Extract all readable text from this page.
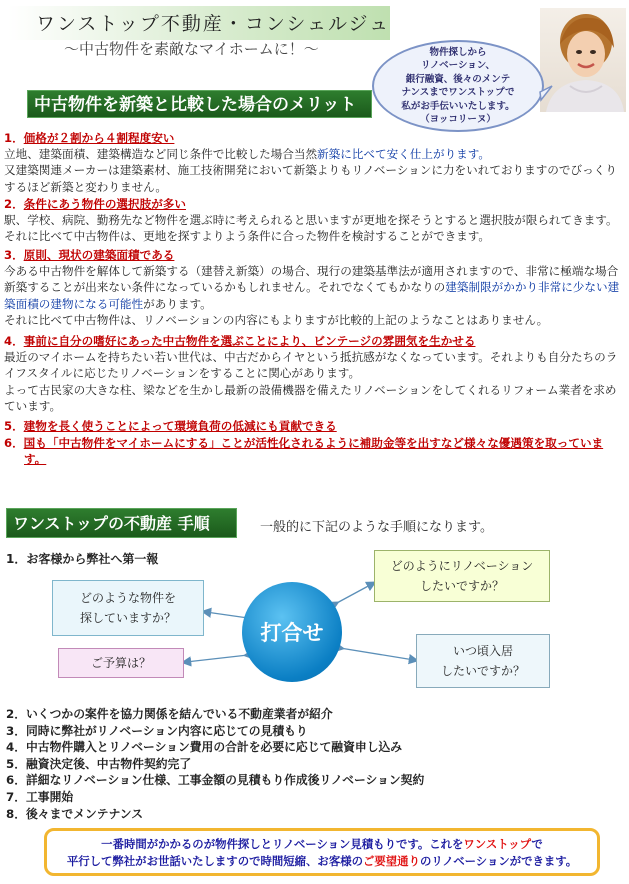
ワンストップ不動産・コンシェルジュ
～中古物件を素敵なマイホームに！～	物件探しから
リノベーション、
銀行融資、後々のメンテ
ナンスまでワンストップで
私がお手伝いいたします。
（ヨッコリーヌ）
中古物件を新築と比較した場合のメリット
1．価格が２割から４割程度安い
立地、建築面積、建築構造など同じ条件で比較した場合当然新築に比べて安く仕上がります。
又建築関連メーカーは建築素材、施工技術開発において新築よりもリノベーションに力をいれておりますのでびっくりするほど新築と変わりません。
2．条件にあう物件の選択肢が多い
駅、学校、病院、勤務先など物件を選ぶ時に考えられると思いますが更地を探そうとすると選択肢が限られてきます。それに比べて中古物件は、更地を探すよりよう条件に合った物件を検討することができます。
3．原則、現状の建築面積である
今ある中古物件を解体して新築する（建替え新築）の場合、現行の建築基準法が適用されますので、非常に極端な場合新築することが出来ない条件になっているかもしれません。それでなくてもかなりの建築制限がかかり非常に少ない建築面積の建物になる可能性があります。
それに比べて中古物件は、リノベーションの内容にもよりますが比較的上記のようなことはありません。
4．事前に自分の嗜好にあった中古物件を選ぶことにより、ビンテージの雰囲気を生かせる
最近のマイホームを持ちたい若い世代は、中古だからイヤという抵抗感がなくなっています。それよりも自分たちのライフスタイルに応じたリノベーションをすることに関心があります。
よって古民家の大きな柱、梁などを生かし最新の設備機器を備えたリノベーションをしてくれるリフォーム業者を求めています。
5．建物を長く使うことによって環境負荷の低減にも貢献できる
6．国も「中古物件をマイホームにする」ことが活性化されるように補助金等を出すなど様々な優遇策を取っています。
ワンストップの不動産 手順	一般的に下記のような手順になります。
1．お客様から弊社へ第一報
どのような物件を
探していますか？
どのようにリノベーション
したいですか？
ご予算は？
いつ頃入居
したいですか？
打合せ
2．いくつかの案件を協力関係を結んでいる不動産業者が紹介
3．同時に弊社がリノベーション内容に応じての見積もり
4．中古物件購入とリノベーション費用の合計を必要に応じて融資申し込み
5．融資決定後、中古物件契約完了
6．詳細なリノベーション仕様、工事金額の見積もり作成後リノベーション契約
7．工事開始
8．後々までメンテナンス
一番時間がかかるのが物件探しとリノベーション見積もりです。これをワンストップで
平行して弊社がお世話いたしますので時間短縮、お客様のご要望通りのリノベーションができます。
